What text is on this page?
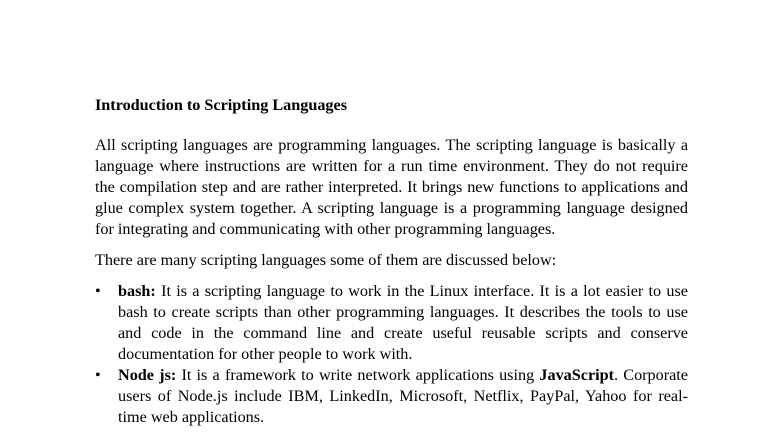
Introduction to Scripting Languages

All scripting languages are programming languages. The scripting language is basically a language where instructions are written for a run time environment. They do not require the compilation step and are rather interpreted. It brings new functions to applications and glue complex system together. A scripting language is a programming language designed for integrating and communicating with other programming languages.

There are many scripting languages some of them are discussed below:

•	bash: It is a scripting language to work in the Linux interface. It is a lot easier to use bash to create scripts than other programming languages. It describes the tools to use and code in the command line and create useful reusable scripts and conserve documentation for other people to work with.
•	Node js: It is a framework to write network applications using JavaScript. Corporate users of Node.js include IBM, LinkedIn, Microsoft, Netflix, PayPal, Yahoo for real-time web applications.
